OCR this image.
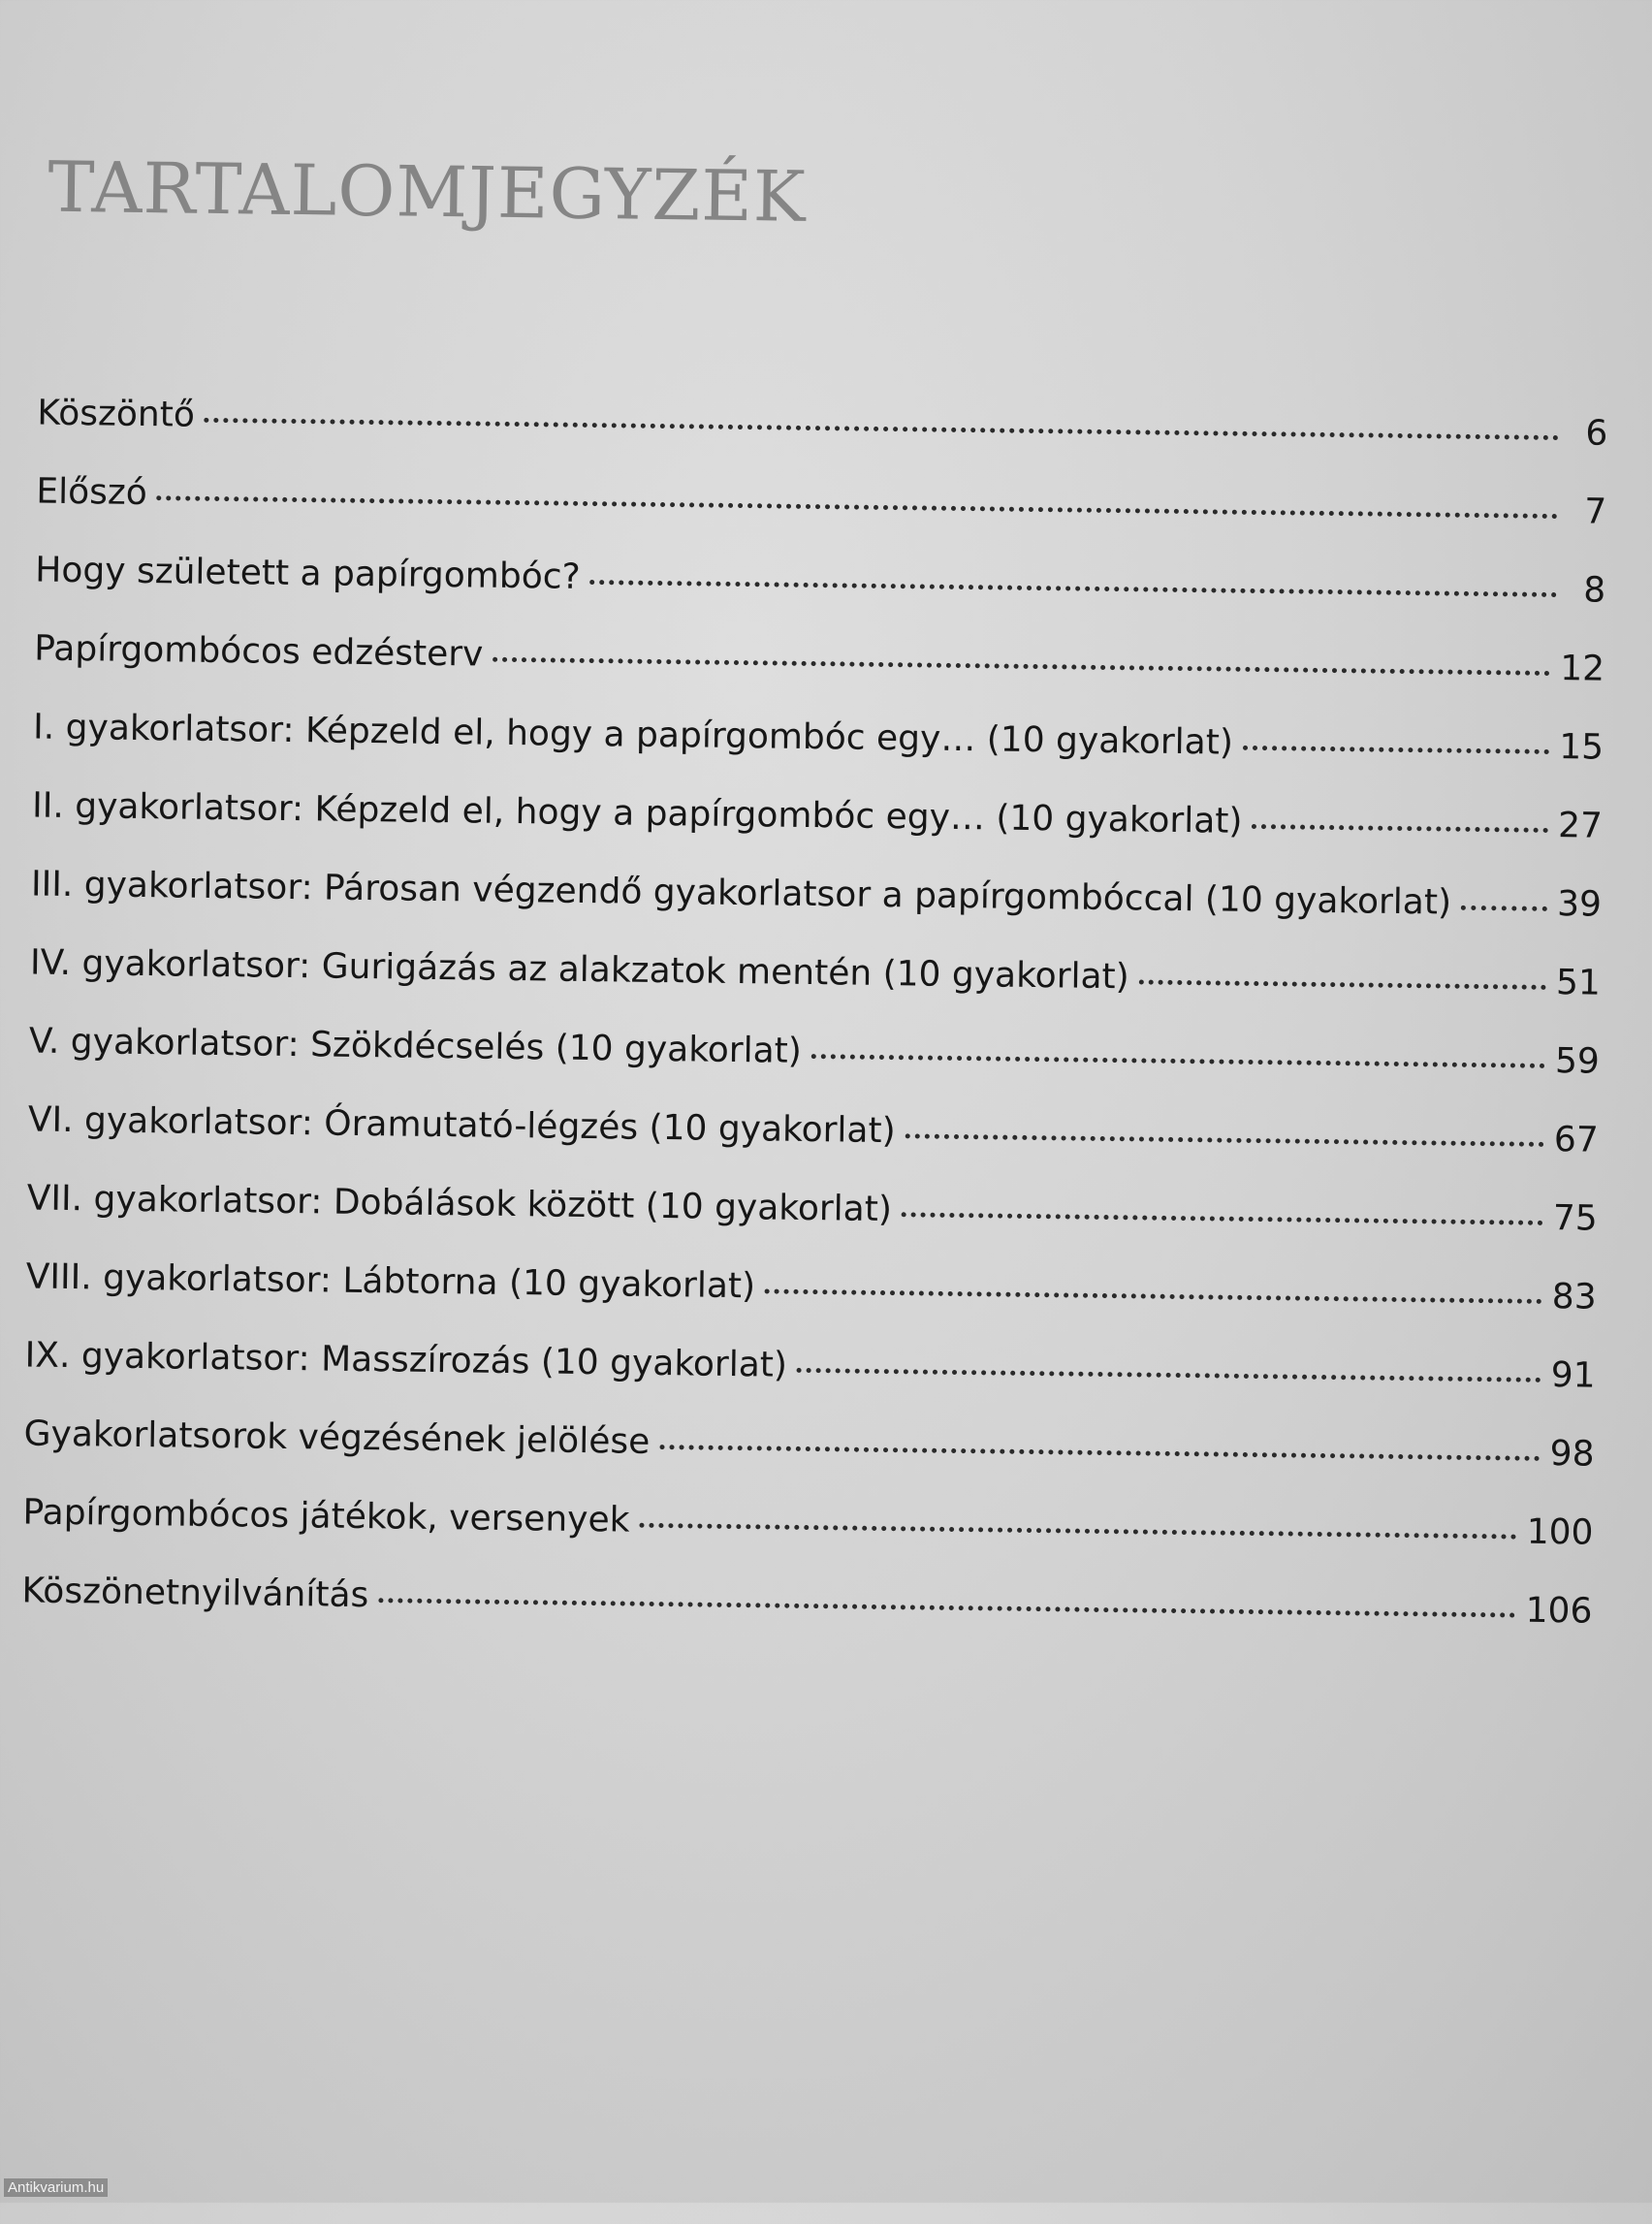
TARTALOMJEGYZÉK
Köszöntő	6
Előszó	7
Hogy született a papírgombóc?	8
Papírgombócos edzésterv	12
I. gyakorlatsor: Képzeld el, hogy a papírgombóc egy… (10 gyakorlat)	15
II. gyakorlatsor: Képzeld el, hogy a papírgombóc egy… (10 gyakorlat)	27
III. gyakorlatsor: Párosan végzendő gyakorlatsor a papírgombóccal (10 gyakorlat)	39
IV. gyakorlatsor: Gurigázás az alakzatok mentén (10 gyakorlat)	51
V. gyakorlatsor: Szökdécselés (10 gyakorlat)	59
VI. gyakorlatsor: Óramutató-légzés (10 gyakorlat)	67
VII. gyakorlatsor: Dobálások között (10 gyakorlat)	75
VIII. gyakorlatsor: Lábtorna (10 gyakorlat)	83
IX. gyakorlatsor: Masszírozás (10 gyakorlat)	91
Gyakorlatsorok végzésének jelölése	98
Papírgombócos játékok, versenyek	100
Köszönetnyilvánítás	106
Antikvarium.hu
